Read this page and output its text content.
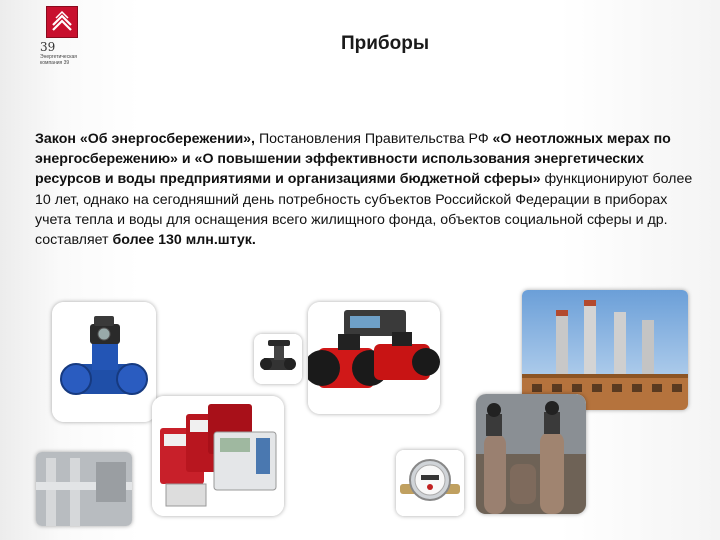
39
Энергетическая
компания 39
Приборы
Закон «Об энергосбережении», Постановления Правительства РФ «О неотложных мерах по энергосбережению» и «О повышении эффективности использования энергетических ресурсов и воды предприятиями и организациями бюджетной сферы» функционируют более 10 лет, однако на сегодняшний день потребность субъектов Российской Федерации в приборах учета тепла и воды для оснащения всего жилищного фонда, объектов социальной сферы и др. составляет более 130 млн.штук.
